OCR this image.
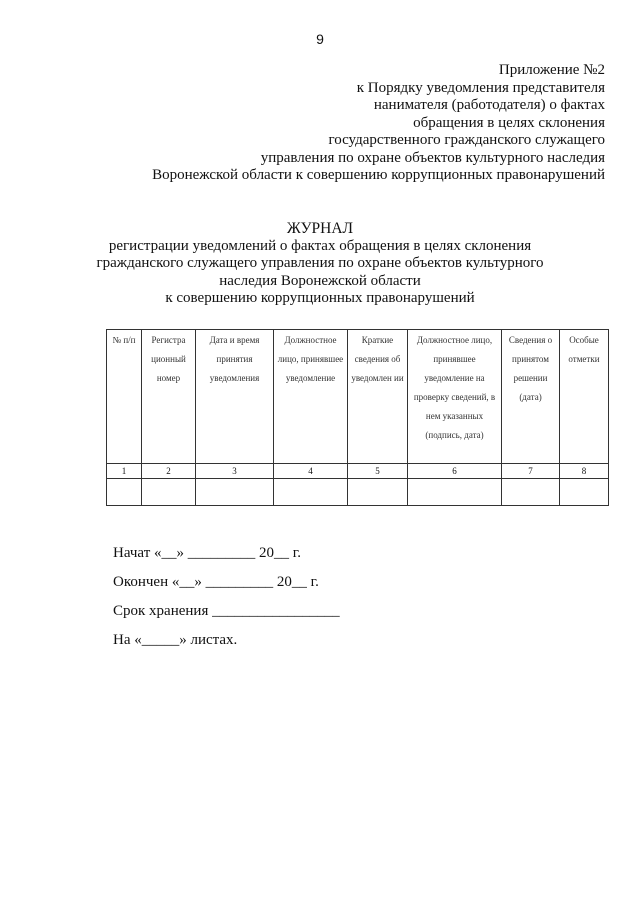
9
Приложение №2
к Порядку уведомления представителя
нанимателя (работодателя) о фактах
обращения в целях склонения
государственного гражданского служащего
управления по охране объектов культурного наследия
Воронежской области к совершению коррупционных правонарушений
ЖУРНАЛ
регистрации уведомлений о фактах обращения в целях склонения
гражданского служащего управления по охране объектов культурного
наследия Воронежской области
к совершению коррупционных правонарушений
№ п/п	Регистра ционный номер	Дата и время принятия уведомления	Должностное лицо, принявшее уведомление	Краткие сведения об уведомлен ии	Должностное лицо, принявшее уведомление на проверку сведений, в нем указанных (подпись, дата)	Сведения о принятом решении (дата)	Особые отметки
1	2	3	4	5	6	7	8

Начат «__» _________ 20__ г.
Окончен «__» _________ 20__ г.
Срок хранения _________________
На «_____» листах.
